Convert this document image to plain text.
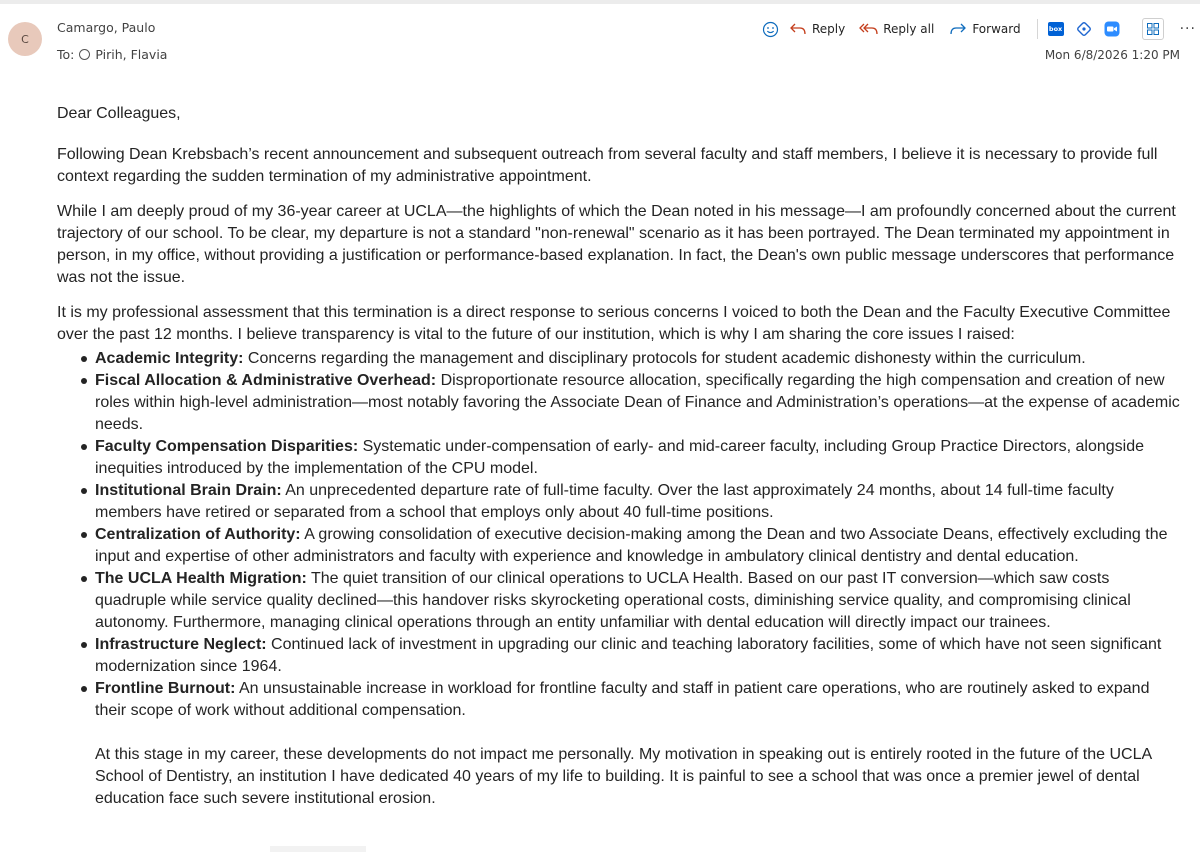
C
Camargo, Paulo
To: Pirih, Flavia
Reply	Reply all	Forward	box	···
Mon 6/8/2026 1:20 PM

Dear Colleagues,

Following Dean Krebsbach’s recent announcement and subsequent outreach from several faculty and staff members, I believe it is necessary to provide full context regarding the sudden termination of my administrative appointment.

While I am deeply proud of my 36-year career at UCLA—the highlights of which the Dean noted in his message—I am profoundly concerned about the current trajectory of our school. To be clear, my departure is not a standard "non-renewal" scenario as it has been portrayed. The Dean terminated my appointment in person, in my office, without providing a justification or performance-based explanation. In fact, the Dean's own public message underscores that performance was not the issue.

It is my professional assessment that this termination is a direct response to serious concerns I voiced to both the Dean and the Faculty Executive Committee over the past 12 months. I believe transparency is vital to the future of our institution, which is why I am sharing the core issues I raised:

Academic Integrity: Concerns regarding the management and disciplinary protocols for student academic dishonesty within the curriculum.
Fiscal Allocation & Administrative Overhead: Disproportionate resource allocation, specifically regarding the high compensation and creation of new roles within high-level administration—most notably favoring the Associate Dean of Finance and Administration’s operations—at the expense of academic needs.
Faculty Compensation Disparities: Systematic under-compensation of early- and mid-career faculty, including Group Practice Directors, alongside inequities introduced by the implementation of the CPU model.
Institutional Brain Drain: An unprecedented departure rate of full-time faculty. Over the last approximately 24 months, about 14 full-time faculty members have retired or separated from a school that employs only about 40 full-time positions.
Centralization of Authority: A growing consolidation of executive decision-making among the Dean and two Associate Deans, effectively excluding the input and expertise of other administrators and faculty with experience and knowledge in ambulatory clinical dentistry and dental education.
The UCLA Health Migration: The quiet transition of our clinical operations to UCLA Health. Based on our past IT conversion—which saw costs quadruple while service quality declined—this handover risks skyrocketing operational costs, diminishing service quality, and compromising clinical autonomy. Furthermore, managing clinical operations through an entity unfamiliar with dental education will directly impact our trainees.
Infrastructure Neglect: Continued lack of investment in upgrading our clinic and teaching laboratory facilities, some of which have not seen significant modernization since 1964.
Frontline Burnout: An unsustainable increase in workload for frontline faculty and staff in patient care operations, who are routinely asked to expand their scope of work without additional compensation.

At this stage in my career, these developments do not impact me personally. My motivation in speaking out is entirely rooted in the future of the UCLA School of Dentistry, an institution I have dedicated 40 years of my life to building. It is painful to see a school that was once a premier jewel of dental education face such severe institutional erosion.
